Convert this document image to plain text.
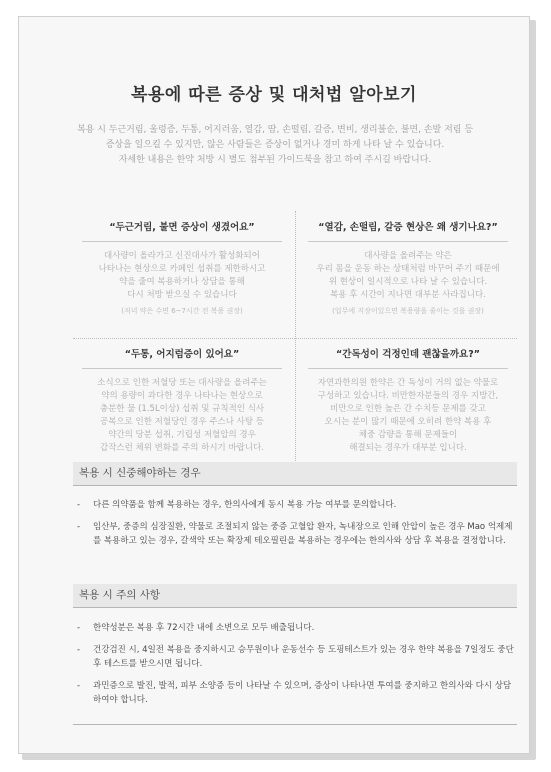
복용에 따른 증상 및 대처법 알아보기
복용 시 두근거림, 울렁증, 두통, 어지러움, 열감, 땀, 손떨림, 갈증, 변비, 생리불순, 불면, 손발 저림 등
증상을 일으킬 수 있지만, 않은 사람들은 증상이 없거나 경미 하게 나타 날 수 있습니다.
자세한 내용은 한약 처방 시 별도 첨부된 가이드북을 참고 하여 주시길 바랍니다.
“두근거림, 불면 증상이 생겼어요”
대사량이 올라가고 신진대사가 활성화되어
나타나는 현상으로 카페인 섭취를 제한하시고
약을 줄여 복용하거나 상담을 통해
다시 처방 받으실 수 있습니다
(저녁 약은 수면 6~7시간 전 복용 권장)
“열감, 손떨림, 갈증 현상은 왜 생기나요?”
대사량을 올려주는 약은
우리 몸을 운동 하는 상태처럼 바꾸어 주기 때문에
위 현상이 일시적으로 나타 날 수 있습니다.
복용 후 시간이 지나면 대부분 사라집니다.
(업무에 지장이있으면 복용량을 줄이는 것을 권장)
“두통, 어지럼증이 있어요”
소식으로 인한 저혈당 또는 대사량을 올려주는
약의 용량이 과다한 경우 나타나는 현상으로
충분한 물 (1.5L이상) 섭취 및 규칙적인 식사
공복으로 인한 저혈당인 경우 주스나 사탕 등
약간의 당분 섭취, 기립성 저혈압의 경우
갑작스런 체위 변화를 주의 하시기 바랍니다.
“간독성이 걱정인데 괜찮을까요?”
자연과한의원 한약은 간 독성이 거의 없는 약물로
구성하고 있습니다. 비만한자분들의 경우 지방간,
비만으로 인한 높은 간 수치등 문제를 갖고
오시는 분이 많기 때문에 오히려 한약 복용 후
체중 감량을 통해 문제들이
해결되는 경우가 대부분 입니다.
복용 시 신중해야하는 경우
- 다른 의약품을 함께 복용하는 경우, 한의사에게 동시 복용 가능 여부를 문의합니다.
- 임산부, 중증의 심장질환, 약물로 조절되지 않는 중증 고혈압 환자, 녹내장으로 인해 안압이 높은 경우 Mao 억제제를 복용하고 있는 경우, 갈색악 또는 확장제 테오필린을 복용하는 경우에는 한의사와 상담 후 복용을 결정합니다.
복용 시 주의 사항
- 한약성분은 복용 후 72시간 내에 소변으로 모두 배출됩니다.
- 건강검진 시, 4일전 복용을 중지하시고 승무원이나 운동선수 등 도핑테스트가 있는 경우 한약 복용을 7일정도 중단 후 테스트를 받으시면 됩니다.
- 과민증으로 발진, 발적, 피부 소양증 등이 나타날 수 있으며, 증상이 나타나면 투여를 중지하고 한의사와 다시 상담하여야 합니다.
